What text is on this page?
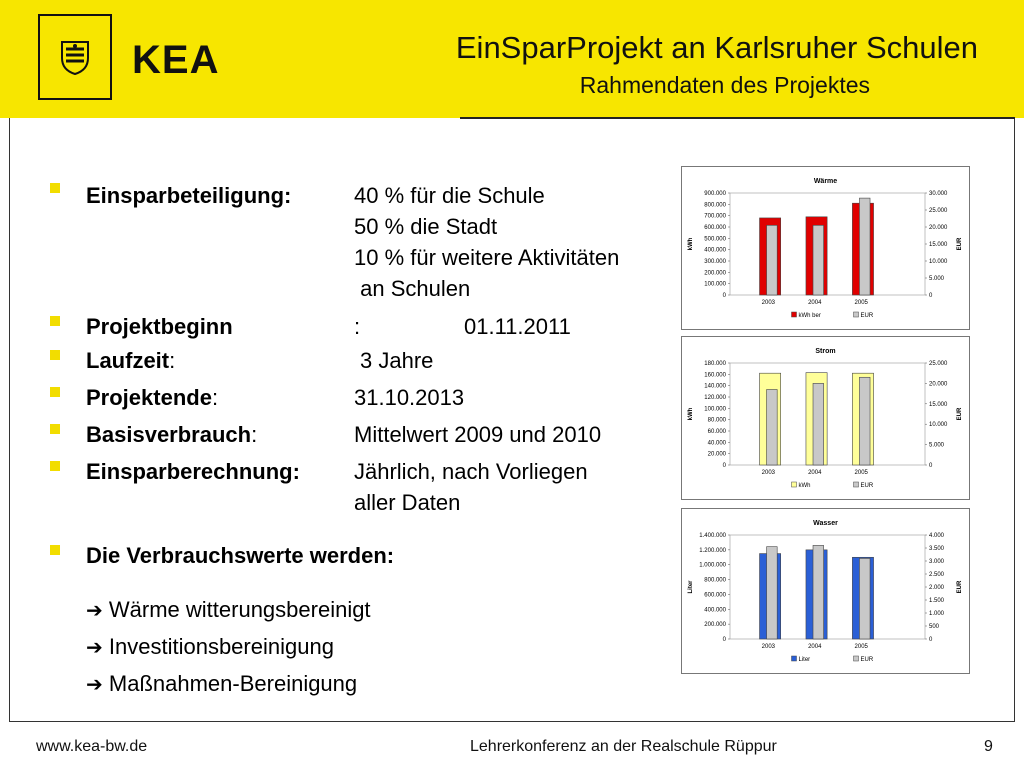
KEA	EinSparProjekt an Karlsruher Schulen
Rahmendaten des Projektes
Einsparbeteiligung:	40 % für die Schule
50 % die Stadt
10 % für weitere Aktivitäten
an Schulen
Projektbeginn	:	01.11.2011
Laufzeit:	3 Jahre
Projektende:	31.10.2013
Basisverbrauch:	Mittelwert 2009 und 2010
Einsparberechnung: Jährlich, nach Vorliegen
aller Daten
Die Verbrauchswerte werden:
➔ Wärme witterungsbereinigt
➔ Investitionsbereinigung
➔ Maßnahmen-Bereinigung
Wärme
0
100.000
200.000
300.000
400.000
500.000
600.000
700.000
800.000
900.000
0
5.000
10.000
15.000
20.000
25.000
30.000
kWh	EUR
2003	2004	2005
kWh ber	EUR
Strom
0
20.000
40.000
60.000
80.000
100.000
120.000
140.000
160.000
180.000
0
5.000
10.000
15.000
20.000
25.000
kWh	EUR
2003	2004	2005
kWh	EUR
Wasser
0
200.000
400.000
600.000
800.000
1.000.000
1.200.000
1.400.000
0
500
1.000
1.500
2.000
2.500
3.000
3.500
4.000
Liter	EUR
2003	2004	2005
Liter	EUR
www.kea-bw.de	Lehrerkonferenz an der Realschule Rüppur	9
